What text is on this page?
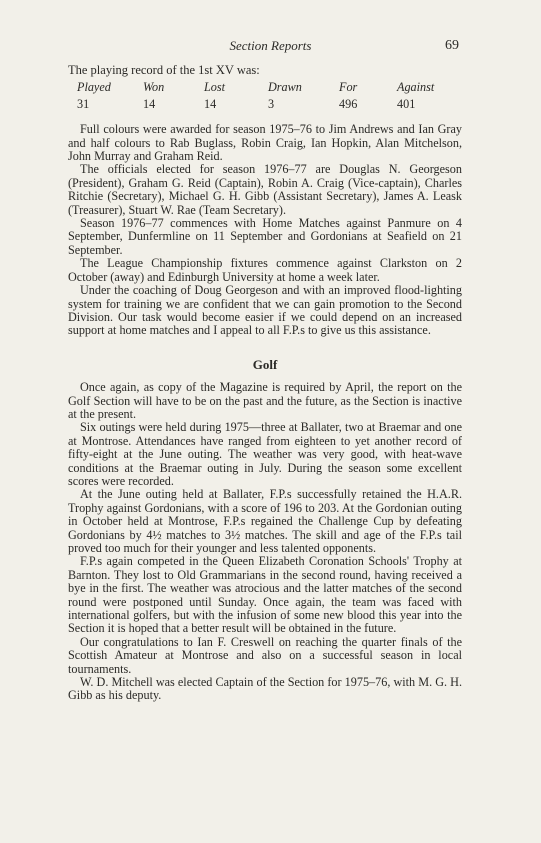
Section Reports	69
The playing record of the 1st XV was:
Played	Won	Lost	Drawn	For	Against
31	14	14	3	496	401

Full colours were awarded for season 1975–76 to Jim Andrews and Ian Gray and half colours to Rab Buglass, Robin Craig, Ian Hopkin, Alan Mitchelson, John Murray and Graham Reid.

The officials elected for season 1976–77 are Douglas N. Georgeson (President), Graham G. Reid (Captain), Robin A. Craig (Vice-captain), Charles Ritchie (Secretary), Michael G. H. Gibb (Assistant Secretary), James A. Leask (Treasurer), Stuart W. Rae (Team Secretary).

Season 1976–77 commences with Home Matches against Panmure on 4 September, Dunfermline on 11 September and Gordonians at Seafield on 21 September.

The League Championship fixtures commence against Clarkston on 2 October (away) and Edinburgh University at home a week later.

Under the coaching of Doug Georgeson and with an improved flood-lighting system for training we are confident that we can gain promotion to the Second Division. Our task would become easier if we could depend on an increased support at home matches and I appeal to all F.P.s to give us this assistance.

Golf

Once again, as copy of the Magazine is required by April, the report on the Golf Section will have to be on the past and the future, as the Section is inactive at the present.

Six outings were held during 1975—three at Ballater, two at Braemar and one at Montrose. Attendances have ranged from eighteen to yet another record of fifty-eight at the June outing. The weather was very good, with heat-wave conditions at the Braemar outing in July. During the season some excellent scores were recorded.

At the June outing held at Ballater, F.P.s successfully retained the H.A.R. Trophy against Gordonians, with a score of 196 to 203. At the Gordonian outing in October held at Montrose, F.P.s regained the Challenge Cup by defeating Gordonians by 4½ matches to 3½ matches. The skill and age of the F.P.s tail proved too much for their younger and less talented opponents.

F.P.s again competed in the Queen Elizabeth Coronation Schools' Trophy at Barnton. They lost to Old Grammarians in the second round, having received a bye in the first. The weather was atrocious and the latter matches of the second round were postponed until Sunday. Once again, the team was faced with international golfers, but with the infusion of some new blood this year into the Section it is hoped that a better result will be obtained in the future.

Our congratulations to Ian F. Creswell on reaching the quarter finals of the Scottish Amateur at Montrose and also on a successful season in local tournaments.

W. D. Mitchell was elected Captain of the Section for 1975–76, with M. G. H. Gibb as his deputy.
